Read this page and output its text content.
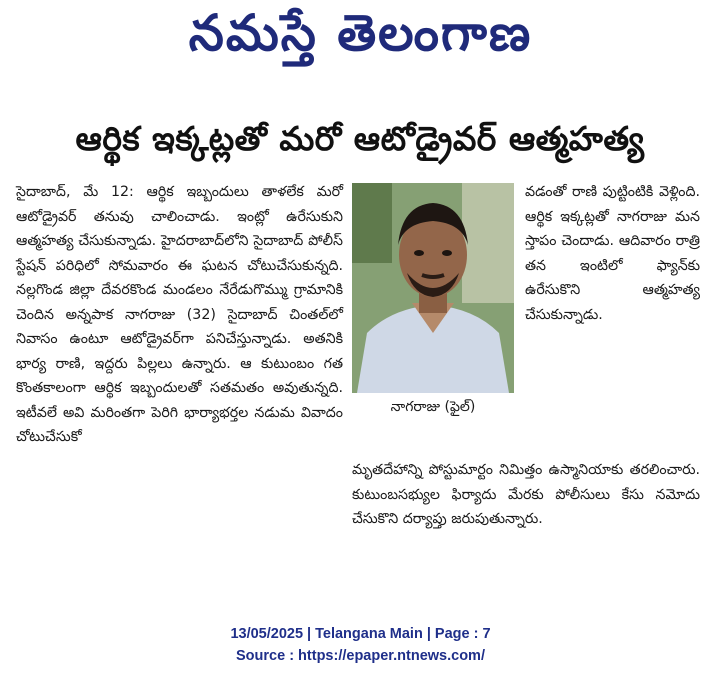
నమస్తే తెలంగాణ
ఆర్థిక ఇక్కట్లతో మరో ఆటోడ్రైవర్ ఆత్మహత్య

సైదాబాద్, మే 12: ఆర్థిక ఇబ్బందులు తాళలేక మరో ఆటోడ్రైవర్ తనువు చాలించాడు. ఇంట్లో ఉరేసుకుని ఆత్మహత్య చేసుకున్నాడు. హైదరాబాద్‌లోని సైదాబాద్ పోలీస్ స్టేషన్ పరిధిలో సోమవారం ఈ ఘటన చోటుచేసుకున్నది. నల్లగొండ జిల్లా దేవరకొండ మండలం నేరేడుగొమ్ము గ్రామానికి చెందిన అన్నపాక నాగరాజు (32) సైదాబాద్ చింతల్‌లో నివాసం ఉంటూ ఆటోడ్రైవర్‌గా పనిచేస్తున్నాడు. అతనికి భార్య రాణి, ఇద్దరు పిల్లలు ఉన్నారు. ఆ కుటుంబం గత కొంతకాలంగా ఆర్థిక ఇబ్బందులతో సతమతం అవుతున్నది. ఇటీవలే అవి మరింతగా పెరిగి భార్యాభర్తల నడుమ వివాదం చోటుచేసుకో

నాగరాజు (ఫైల్)

వడంతో రాణి పుట్టింటికి వెళ్లింది. ఆర్థిక ఇక్కట్లతో నాగరాజు మన స్తాపం చెందాడు. ఆదివారం రాత్రి తన ఇంటిలో ఫ్యాన్‌కు ఉరేసుకొని ఆత్మహత్య చేసుకున్నాడు.

మృతదేహాన్ని పోస్టుమార్టం నిమిత్తం ఉస్మానియాకు తరలించారు. కుటుంబసభ్యుల ఫిర్యాదు మేరకు పోలీసులు కేసు నమోదు చేసుకొని దర్యాప్తు జరుపుతున్నారు.

13/05/2025 | Telangana Main | Page : 7
Source : https://epaper.ntnews.com/
